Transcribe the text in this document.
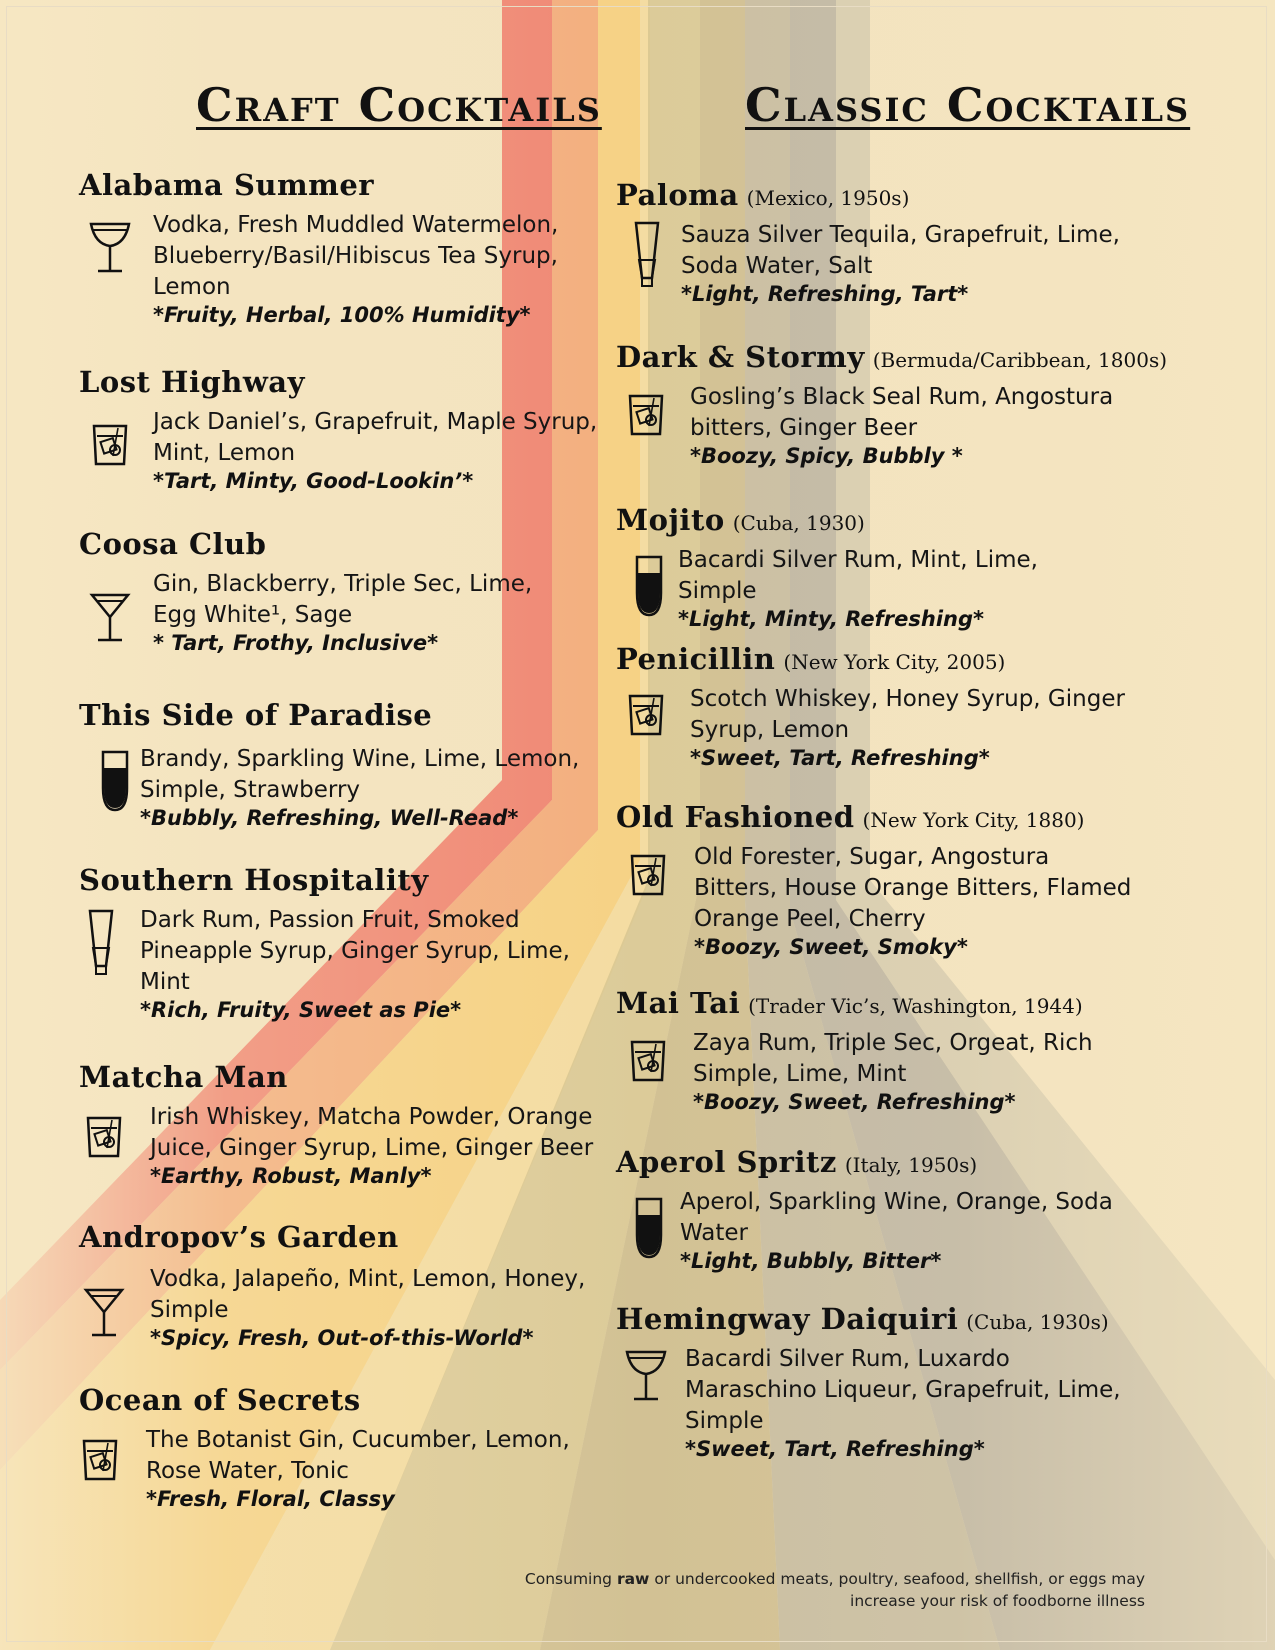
Craft Cocktails	Classic Cocktails
Alabama Summer

Vodka, Fresh Muddled Watermelon, Blueberry/Basil/Hibiscus Tea Syrup, Lemon

*Fruity, Herbal, 100% Humidity*

Lost Highway

Jack Daniel’s, Grapefruit, Maple Syrup, Mint, Lemon

*Tart, Minty, Good-Lookin’*

Coosa Club

Gin, Blackberry, Triple Sec, Lime, Egg White¹, Sage

* Tart, Frothy, Inclusive*

This Side of Paradise

Brandy, Sparkling Wine, Lime, Lemon, Simple, Strawberry

*Bubbly, Refreshing, Well-Read*

Southern Hospitality

Dark Rum, Passion Fruit, Smoked Pineapple Syrup, Ginger Syrup, Lime, Mint

*Rich, Fruity, Sweet as Pie*

Matcha Man

Irish Whiskey, Matcha Powder, Orange Juice, Ginger Syrup, Lime, Ginger Beer

*Earthy, Robust, Manly*

Andropov’s Garden

Vodka, Jalapeño, Mint, Lemon, Honey, Simple

*Spicy, Fresh, Out-of-this-World*

Ocean of Secrets

The Botanist Gin, Cucumber, Lemon, Rose Water, Tonic

*Fresh, Floral, Classy

Paloma (Mexico, 1950s)

Sauza Silver Tequila, Grapefruit, Lime, Soda Water, Salt

*Light, Refreshing, Tart*

Dark & Stormy (Bermuda/Caribbean, 1800s)

Gosling’s Black Seal Rum, Angostura bitters, Ginger Beer

*Boozy, Spicy, Bubbly *

Mojito (Cuba, 1930)

Bacardi Silver Rum, Mint, Lime, Simple

*Light, Minty, Refreshing*

Penicillin (New York City, 2005)

Scotch Whiskey, Honey Syrup, Ginger Syrup, Lemon

*Sweet, Tart, Refreshing*

Old Fashioned (New York City, 1880)

Old Forester, Sugar, Angostura Bitters, House Orange Bitters, Flamed Orange Peel, Cherry

*Boozy, Sweet, Smoky*

Mai Tai (Trader Vic’s, Washington, 1944)

Zaya Rum, Triple Sec, Orgeat, Rich Simple, Lime, Mint

*Boozy, Sweet, Refreshing*

Aperol Spritz (Italy, 1950s)

Aperol, Sparkling Wine, Orange, Soda Water

*Light, Bubbly, Bitter*

Hemingway Daiquiri (Cuba, 1930s)

Bacardi Silver Rum, Luxardo Maraschino Liqueur, Grapefruit, Lime, Simple

*Sweet, Tart, Refreshing*

Consuming raw or undercooked meats, poultry, seafood, shellfish, or eggs may increase your risk of foodborne illness
